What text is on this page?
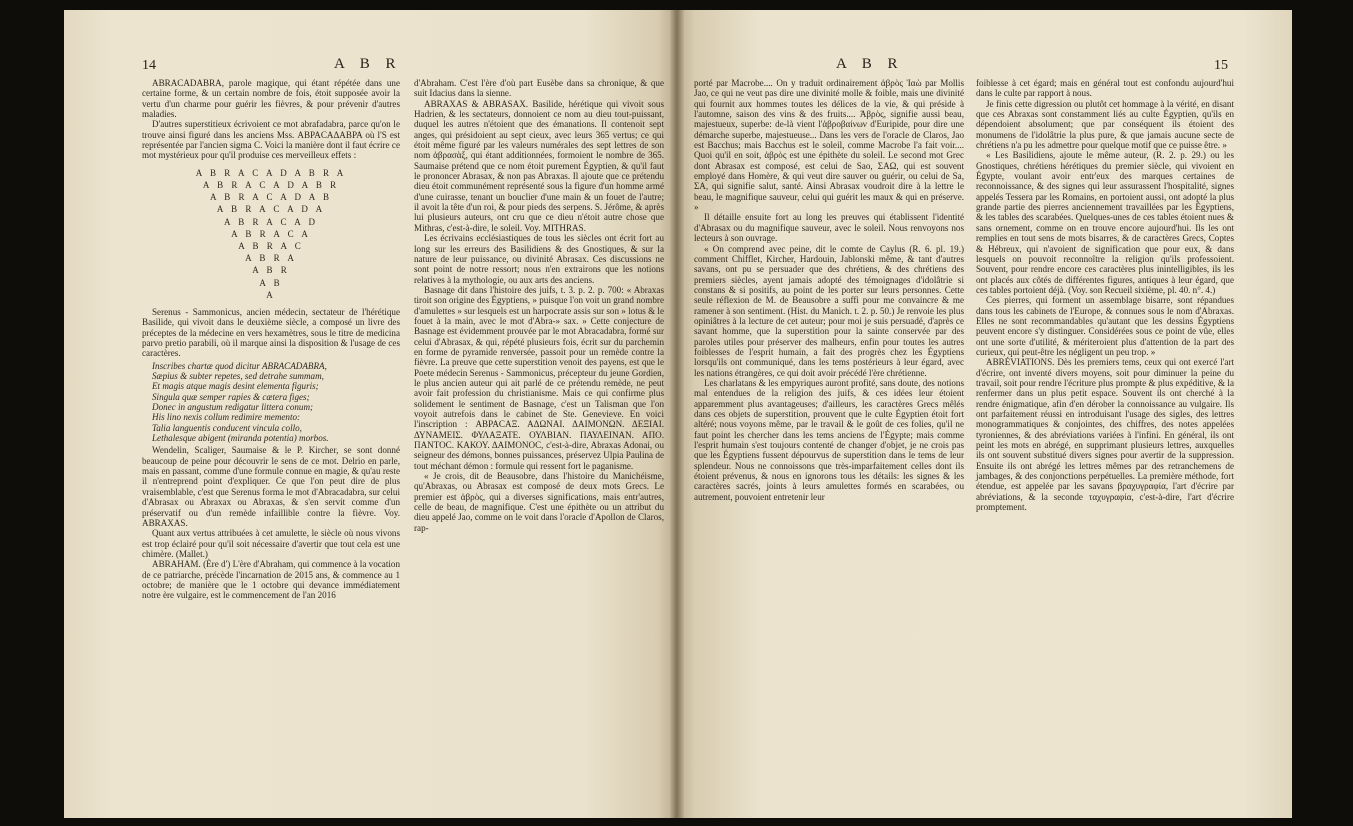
14	A B R

ABRACADABRA, parole magique, qui étant répétée dans une certaine forme, & un certain nombre de fois, étoit supposée avoir la vertu d'un charme pour guérir les fièvres, & pour prévenir d'autres maladies.

D'autres superstitieux écrivoient ce mot abrafadabra, parce qu'on le trouve ainsi figuré dans les anciens Mss. ΑΒΡΑCΑΔΑΒΡΑ où l'S est représentée par l'ancien sigma C. Voici la manière dont il faut écrire ce mot mystérieux pour qu'il produise ces merveilleux effets :

A B R A C A D A B R A
A B R A C A D A B R
A B R A C A D A B
A B R A C A D A
A B R A C A D
A B R A C A
A B R A C
A B R A
A B R
A B
A

Serenus - Sammonicus, ancien médecin, sectateur de l'hérétique Basilide, qui vivoit dans le deuxième siècle, a composé un livre des préceptes de la médecine en vers hexamètres, sous le titre de medicina parvo pretio parabili, où il marque ainsi la disposition & l'usage de ces caractères.

Inscribes chartæ quod dicitur ABRACADABRA,
Sæpius & subter repetes, sed detrahe summam,
Et magis atque magis desint elementa figuris;
Singula quæ semper rapies & cætera figes;
Donec in angustum redigatur littera conum;
His lino nexis collum redimire memento:
Talia languentis conducent vincula collo,
Lethalesque abigent (miranda potentia) morbos.

Wendelin, Scaliger, Saumaise & le P. Kircher, se sont donné beaucoup de peine pour découvrir le sens de ce mot. Delrio en parle, mais en passant, comme d'une formule connue en magie, & qu'au reste il n'entreprend point d'expliquer. Ce que l'on peut dire de plus vraisemblable, c'est que Serenus forma le mot d'Abracadabra, sur celui d'Abrasax ou Abraxax ou Abraxas, & s'en servit comme d'un préservatif ou d'un remède infaillible contre la fièvre. Voy. ABRAXAS.

Quant aux vertus attribuées à cet amulette, le siècle où nous vivons est trop éclairé pour qu'il soit nécessaire d'avertir que tout cela est une chimère. (Mallet.)

ABRAHAM. (Ère d') L'ère d'Abraham, qui commence à la vocation de ce patriarche, précède l'incarnation de 2015 ans, & commence au 1 octobre; de manière que le 1 octobre qui devance immédiatement notre ère vulgaire, est le commencement de l'an 2016

d'Abraham. C'est l'ère d'où part Eusèbe dans sa chronique, & que suit Idacius dans la sienne.

ABRAXAS & ABRASAX. Basilide, hérétique qui vivoit sous Hadrien, & les sectateurs, donnoient ce nom au dieu tout-puissant, duquel les autres n'étoient que des émanations. Il contenoit sept anges, qui présidoient au sept cieux, avec leurs 365 vertus; ce qui étoit même figuré par les valeurs numérales des sept lettres de son nom ἀβρασὰξ, qui étant additionnées, formoient le nombre de 365. Saumaise prétend que ce nom étoit purement Égyptien, & qu'il faut le prononcer Abrasax, & non pas Abraxas. Il ajoute que ce prétendu dieu étoit communément représenté sous la figure d'un homme armé d'une cuirasse, tenant un bouclier d'une main & un fouet de l'autre; il avoit la tête d'un roi, & pour pieds des serpens. S. Jérôme, & après lui plusieurs auteurs, ont cru que ce dieu n'étoit autre chose que Mithras, c'est-à-dire, le soleil. Voy. MITHRAS.

Les écrivains ecclésiastiques de tous les siècles ont écrit fort au long sur les erreurs des Basilidiens & des Gnostiques, & sur la nature de leur puissance, ou divinité Abrasax. Ces discussions ne sont point de notre ressort; nous n'en extrairons que les notions relatives à la mythologie, ou aux arts des anciens.

Basnage dit dans l'histoire des juifs, t. 3. p. 2. p. 700: « Abraxas tiroit son origine des Égyptiens, » puisque l'on voit un grand nombre d'amulettes » sur lesquels est un harpocrate assis sur son » lotus & le fouet à la main, avec le mot d'Abra-» sax. » Cette conjecture de Basnage est évidemment prouvée par le mot Abracadabra, formé sur celui d'Abrasax, & qui, répété plusieurs fois, écrit sur du parchemin en forme de pyramide renversée, passoit pour un remède contre la fièvre. La preuve que cette superstition venoit des payens, est que le Poete médecin Serenus - Sammonicus, précepteur du jeune Gordien, le plus ancien auteur qui ait parlé de ce prétendu remède, ne peut avoir fait profession du christianisme. Mais ce qui confirme plus solidement le sentiment de Basnage, c'est un Talisman que l'on voyoit autrefois dans le cabinet de Ste. Genevieve. En voici l'inscription : ΑΒΡΑCΑΞ. ΑΔΩΝΑΙ. ΔΑΙΜΟΝΩΝ. ΔΕΞΙΑΙ. ΔΥΝΑΜΕΙΣ. ΦΥΛΑΞΑΤΕ. ΟΥΛΒΙΑΝ. ΠΑΥΛΕΙΝΑΝ. ΑΠΟ. ΠΑΝΤΟC. ΚΑΚΟΥ. ΔΑΙΜΟΝΟC, c'est-à-dire, Abraxas Adonai, ou seigneur des démons, bonnes puissances, préservez Ulpia Paulina de tout méchant démon : formule qui ressent fort le paganisme.

« Je crois, dit de Beausobre, dans l'histoire du Manichéisme, qu'Abraxas, ou Abrasax est composé de deux mots Grecs. Le premier est ἁβρὸς, qui a diverses significations, mais entr'autres, celle de beau, de magnifique. C'est une épithète ou un attribut du dieu appelé Jao, comme on le voit dans l'oracle d'Apollon de Claros, rap-

A B R	15

porté par Macrobe.... On y traduit ordinairement ἁβρὸς Ἰαὼ par Mollis Jao, ce qui ne veut pas dire une divinité molle & foible, mais une divinité qui fournit aux hommes toutes les délices de la vie, & qui préside à l'automne, saison des vins & des fruits.... Ἁβρὸς, signifie aussi beau, majestueux, superbe: de-là vient l'ἁβροβαίνων d'Euripide, pour dire une démarche superbe, majestueuse... Dans les vers de l'oracle de Claros, Jao est Bacchus; mais Bacchus est le soleil, comme Macrobe l'a fait voir.... Quoi qu'il en soit, ἁβρὸς est une épithète du soleil. Le second mot Grec dont Abrasax est composé, est celui de Sao, ΣΑΩ, qui est souvent employé dans Homère, & qui veut dire sauver ou guérir, ou celui de Sa, ΣΑ, qui signifie salut, santé. Ainsi Abrasax voudroit dire à la lettre le beau, le magnifique sauveur, celui qui guérit les maux & qui en préserve. »

Il détaille ensuite fort au long les preuves qui établissent l'identité d'Abrasax ou du magnifique sauveur, avec le soleil. Nous renvoyons nos lecteurs à son ouvrage.

« On comprend avec peine, dit le comte de Caylus (R. 6. pl. 19.) comment Chifflet, Kircher, Hardouin, Jablonski même, & tant d'autres savans, ont pu se persuader que des chrétiens, & des chrétiens des premiers siècles, ayent jamais adopté des témoignages d'idolâtrie si constans & si positifs, au point de les porter sur leurs personnes. Cette seule réflexion de M. de Beausobre a suffi pour me convaincre & me ramener à son sentiment. (Hist. du Manich. t. 2. p. 50.) Je renvoie les plus opiniâtres à la lecture de cet auteur; pour moi je suis persuadé, d'après ce savant homme, que la superstition pour la sainte conservée par des paroles utiles pour préserver des malheurs, enfin pour toutes les autres foiblesses de l'esprit humain, a fait des progrès chez les Égyptiens lorsqu'ils ont communiqué, dans les tems postérieurs à leur égard, avec les nations étrangères, ce qui doit avoir précédé l'ère chrétienne.

Les charlatans & les empyriques auront profité, sans doute, des notions mal entendues de la religion des juifs, & ces idées leur étoient apparemment plus avantageuses; d'ailleurs, les caractères Grecs mêlés dans ces objets de superstition, prouvent que le culte Égyptien étoit fort altéré; nous voyons même, par le travail & le goût de ces folies, qu'il ne faut point les chercher dans les tems anciens de l'Égypte; mais comme l'esprit humain s'est toujours contenté de changer d'objet, je ne crois pas que les Égyptiens fussent dépourvus de superstition dans le tems de leur splendeur. Nous ne connoissons que très-imparfaitement celles dont ils étoient prévenus, & nous en ignorons tous les détails: les signes & les caractères sacrés, joints à leurs amulettes formés en scarabées, ou autrement, pouvoient entretenir leur

foiblesse à cet égard; mais en général tout est confondu aujourd'hui dans le culte par rapport à nous.

Je finis cette digression ou plutôt cet hommage à la vérité, en disant que ces Abraxas sont constamment liés au culte Égyptien, qu'ils en dépendoient absolument; que par conséquent ils étoient des monumens de l'idolâtrie la plus pure, & que jamais aucune secte de chrétiens n'a pu les admettre pour quelque motif que ce puisse être. »

« Les Basilidiens, ajoute le même auteur, (R. 2. p. 29.) ou les Gnostiques, chrétiens hérétiques du premier siècle, qui vivoient en Égypte, voulant avoir entr'eux des marques certaines de reconnoissance, & des signes qui leur assurassent l'hospitalité, signes appelés Tessera par les Romains, en portoient aussi, ont adopté la plus grande partie des pierres anciennement travaillées par les Égyptiens, & les tables des scarabées. Quelques-unes de ces tables étoient nues & sans ornement, comme on en trouve encore aujourd'hui. Ils les ont remplies en tout sens de mots bisarres, & de caractères Grecs, Coptes & Hébreux, qui n'avoient de signification que pour eux, & dans lesquels on pouvoit reconnoître la religion qu'ils professoient. Souvent, pour rendre encore ces caractères plus inintelligibles, ils les ont placés aux côtés de différentes figures, antiques à leur égard, que ces tables portoient déjà. (Voy. son Recueil sixième, pl. 40. n°. 4.)

Ces pierres, qui forment un assemblage bisarre, sont répandues dans tous les cabinets de l'Europe, & connues sous le nom d'Abraxas. Elles ne sont recommandables qu'autant que les dessins Égyptiens peuvent encore s'y distinguer. Considérées sous ce point de vûe, elles ont une sorte d'utilité, & mériteroient plus d'attention de la part des curieux, qui peut-être les négligent un peu trop. »

ABRÉVIATIONS. Dès les premiers tems, ceux qui ont exercé l'art d'écrire, ont inventé divers moyens, soit pour diminuer la peine du travail, soit pour rendre l'écriture plus prompte & plus expéditive, & la renfermer dans un plus petit espace. Souvent ils ont cherché à la rendre énigmatique, afin d'en dérober la connoissance au vulgaire. Ils ont parfaitement réussi en introduisant l'usage des sigles, des lettres monogrammatiques & conjointes, des chiffres, des notes appelées tyroniennes, & des abréviations variées à l'infini. En général, ils ont peint les mots en abrégé, en supprimant plusieurs lettres, auxquelles ils ont souvent substitué divers signes pour avertir de la suppression. Ensuite ils ont abrégé les lettres mêmes par des retranchemens de jambages, & des conjonctions perpétuelles. La première méthode, fort étendue, est appelée par les savans βραχυγραφία, l'art d'écrire par abréviations, & la seconde ταχυγραφία, c'est-à-dire, l'art d'écrire promptement.
